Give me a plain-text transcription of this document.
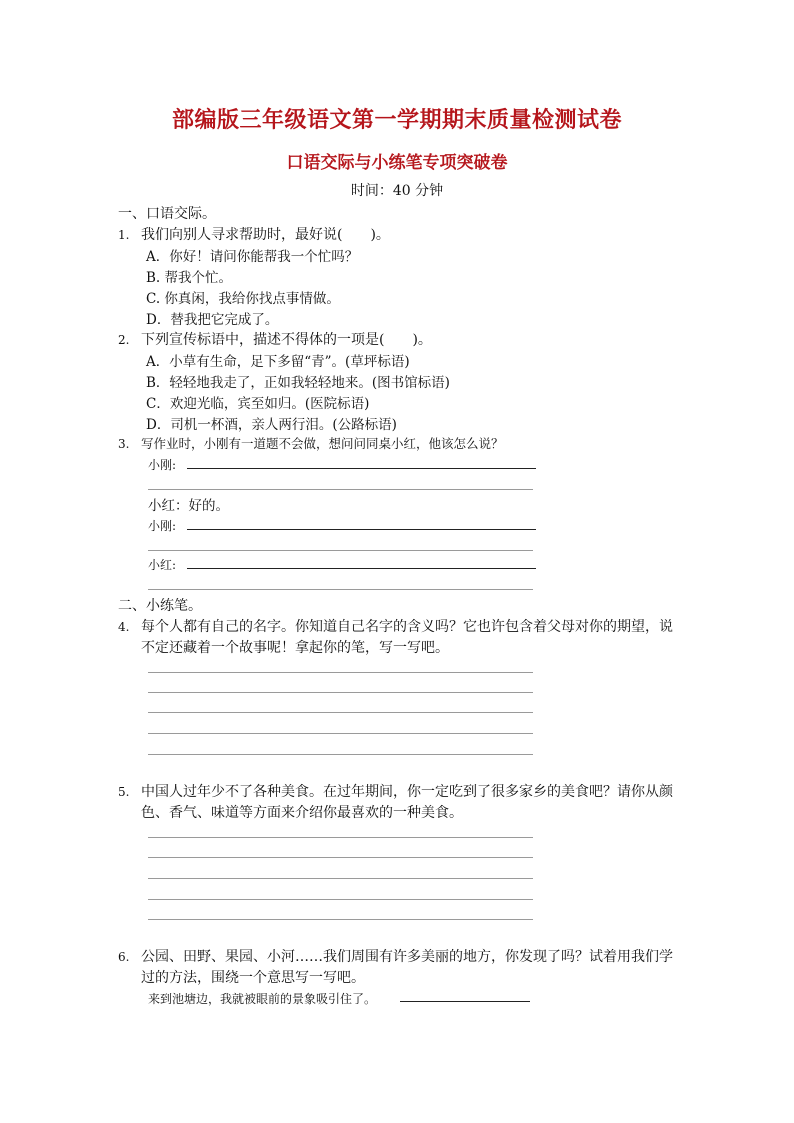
部编版三年级语文第一学期期末质量检测试卷
口语交际与小练笔专项突破卷
时间：40 分钟
一、口语交际。
1. 我们向别人寻求帮助时，最好说(　　)。
A．你好！请问你能帮我一个忙吗？
B. 帮我个忙。
C. 你真闲，我给你找点事情做。
D．替我把它完成了。
2. 下列宣传标语中，描述不得体的一项是(　　)。
A．小草有生命，足下多留“青”。(草坪标语)
B．轻轻地我走了，正如我轻轻地来。(图书馆标语)
C．欢迎光临，宾至如归。(医院标语)
D．司机一杯酒，亲人两行泪。(公路标语)
3. 写作业时，小刚有一道题不会做，想问问同桌小红，他该怎么说？
小刚:
小红：好的。
小刚:
小红:
二、小练笔。
4. 每个人都有自己的名字。你知道自己名字的含义吗？它也许包含着父母对你的期望，说
不定还藏着一个故事呢！拿起你的笔，写一写吧。
5. 中国人过年少不了各种美食。在过年期间，你一定吃到了很多家乡的美食吧？请你从颜
色、香气、味道等方面来介绍你最喜欢的一种美食。
6. 公园、田野、果园、小河……我们周围有许多美丽的地方，你发现了吗？试着用我们学
过的方法，围绕一个意思写一写吧。
来到池塘边，我就被眼前的景象吸引住了。
